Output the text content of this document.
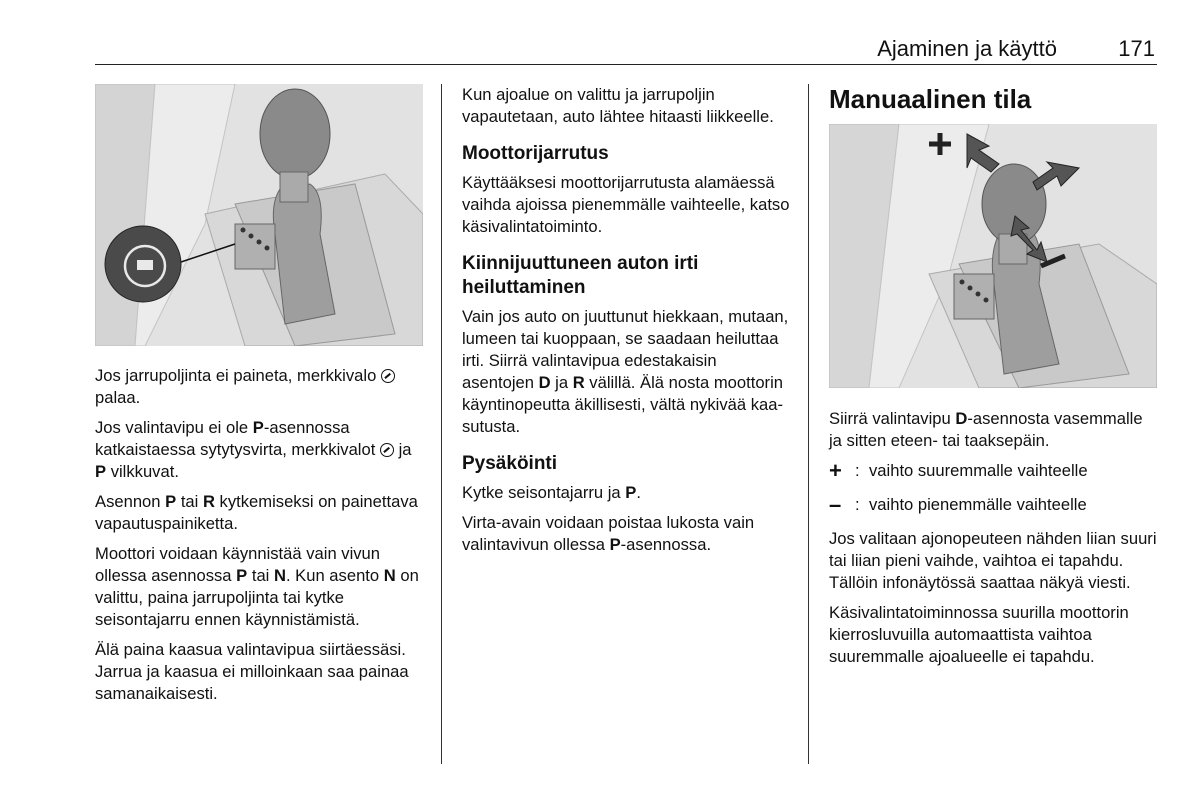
Ajaminen ja käyttö	171

Jos jarrupoljinta ei paineta, merkkivalo  palaa.

Jos valintavipu ei ole P-asennossa katkaistaessa sytytysvirta, merkkivalot  ja P vilkkuvat.

Asennon P tai R kytkemiseksi on painettava vapautuspainiketta.

Moottori voidaan käynnistää vain vivun ollessa asennossa P tai N. Kun asento N on valittu, paina jarrupoljinta tai kytke seisontajarru ennen käynnistämistä.

Älä paina kaasua valintavipua siirtäessäsi. Jarrua ja kaasua ei milloinkaan saa painaa samanaikaisesti.

Kun ajoalue on valittu ja jarrupoljin vapautetaan, auto lähtee hitaasti liikkeelle.

Moottorijarrutus

Käyttääksesi moottorijarrutusta alamäessä vaihda ajoissa pienemmälle vaihteelle, katso käsivalintatoiminto.

Kiinnijuuttuneen auton irti heiluttaminen

Vain jos auto on juuttunut hiekkaan, mutaan, lumeen tai kuoppaan, se saadaan heiluttaa irti. Siirrä valintavipua edestakaisin asentojen D ja R välillä. Älä nosta moottorin käyntinopeutta äkillisesti, vältä nykivää kaasutusta.

Pysäköinti

Kytke seisontajarru ja P.

Virta-avain voidaan poistaa lukosta vain valintavivun ollessa P-asennossa.

Manuaalinen tila

Siirrä valintavipu D-asennosta vasemmalle ja sitten eteen- tai taaksepäin.

+ : vaihto suuremmalle vaihteelle
– : vaihto pienemmälle vaihteelle

Jos valitaan ajonopeuteen nähden liian suuri tai liian pieni vaihde, vaihtoa ei tapahdu. Tällöin infonäytössä saattaa näkyä viesti.

Käsivalintatoiminnossa suurilla moottorin kierrosluvuilla automaattista vaihtoa suuremmalle ajoalueelle ei tapahdu.
